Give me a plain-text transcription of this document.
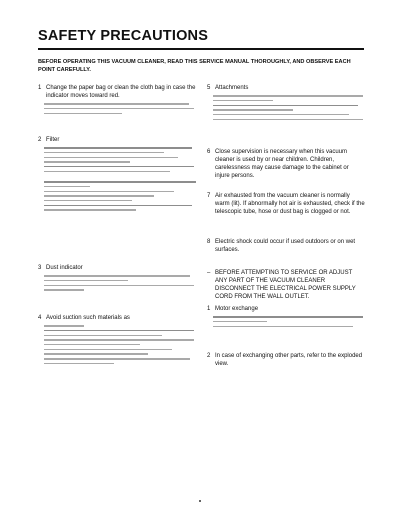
SAFETY PRECAUTIONS
BEFORE OPERATING THIS VACUUM CLEANER, READ THIS SERVICE MANUAL THOROUGHLY, AND OBSERVE EACH POINT CAREFULLY.
1 Change the paper bag or clean the cloth bag in case the indicator moves toward red.
2 Filter
3 Dust indicator
4 Avoid suction such materials as
5 Attachments
6 Close supervision is necessary when this vacuum cleaner is used by or near children. Children, carelessness may cause damage to the cabinet or injure persons.
7 Air exhausted from the vacuum cleaner is normally warm (lit). If abnormally hot air is exhausted, check if the telescopic tube, hose or dust bag is clogged or not.
8 Electric shock could occur if used outdoors or on wet surfaces.
– BEFORE ATTEMPTING TO SERVICE OR ADJUST ANY PART OF THE VACUUM CLEANER DISCONNECT THE ELECTRICAL POWER SUPPLY CORD FROM THE WALL OUTLET.
1 Motor exchange
2 In case of exchanging other parts, refer to the exploded view.
